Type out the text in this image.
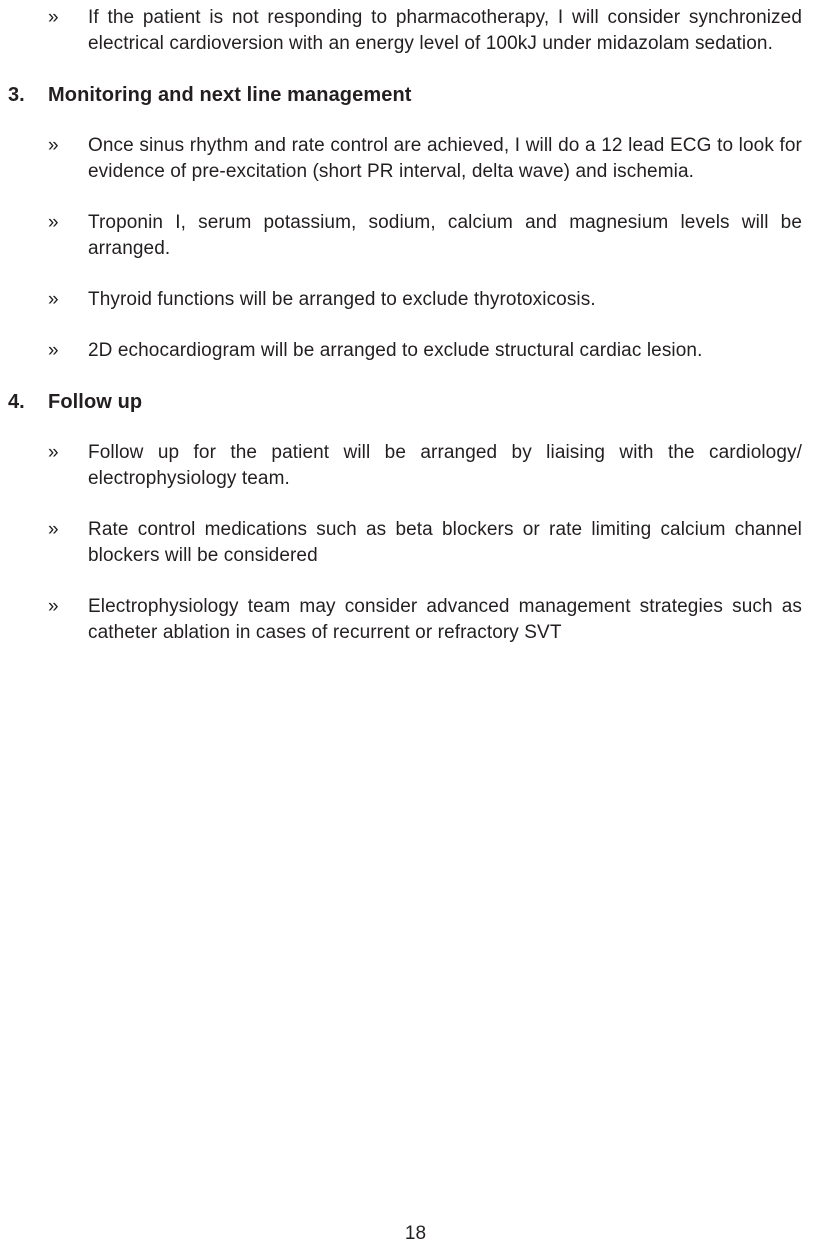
»	If the patient is not responding to pharmacotherapy, I will consider synchronized electrical cardioversion with an energy level of 100kJ under midazolam sedation.

3.	Monitoring and next line management
»	Once sinus rhythm and rate control are achieved, I will do a 12 lead ECG to look for evidence of pre-excitation (short PR interval, delta wave) and ischemia.

»	Troponin I, serum potassium, sodium, calcium and magnesium levels will be arranged.

»	Thyroid functions will be arranged to exclude thyrotoxicosis.

»	2D echocardiogram will be arranged to exclude structural cardiac lesion.

4.	Follow up
»	Follow up for the patient will be arranged by liaising with the cardiology/ electrophysiology team.

»	Rate control medications such as beta blockers or rate limiting calcium channel blockers will be considered

»	Electrophysiology team may consider advanced management strategies such as catheter ablation in cases of recurrent or refractory SVT

18
